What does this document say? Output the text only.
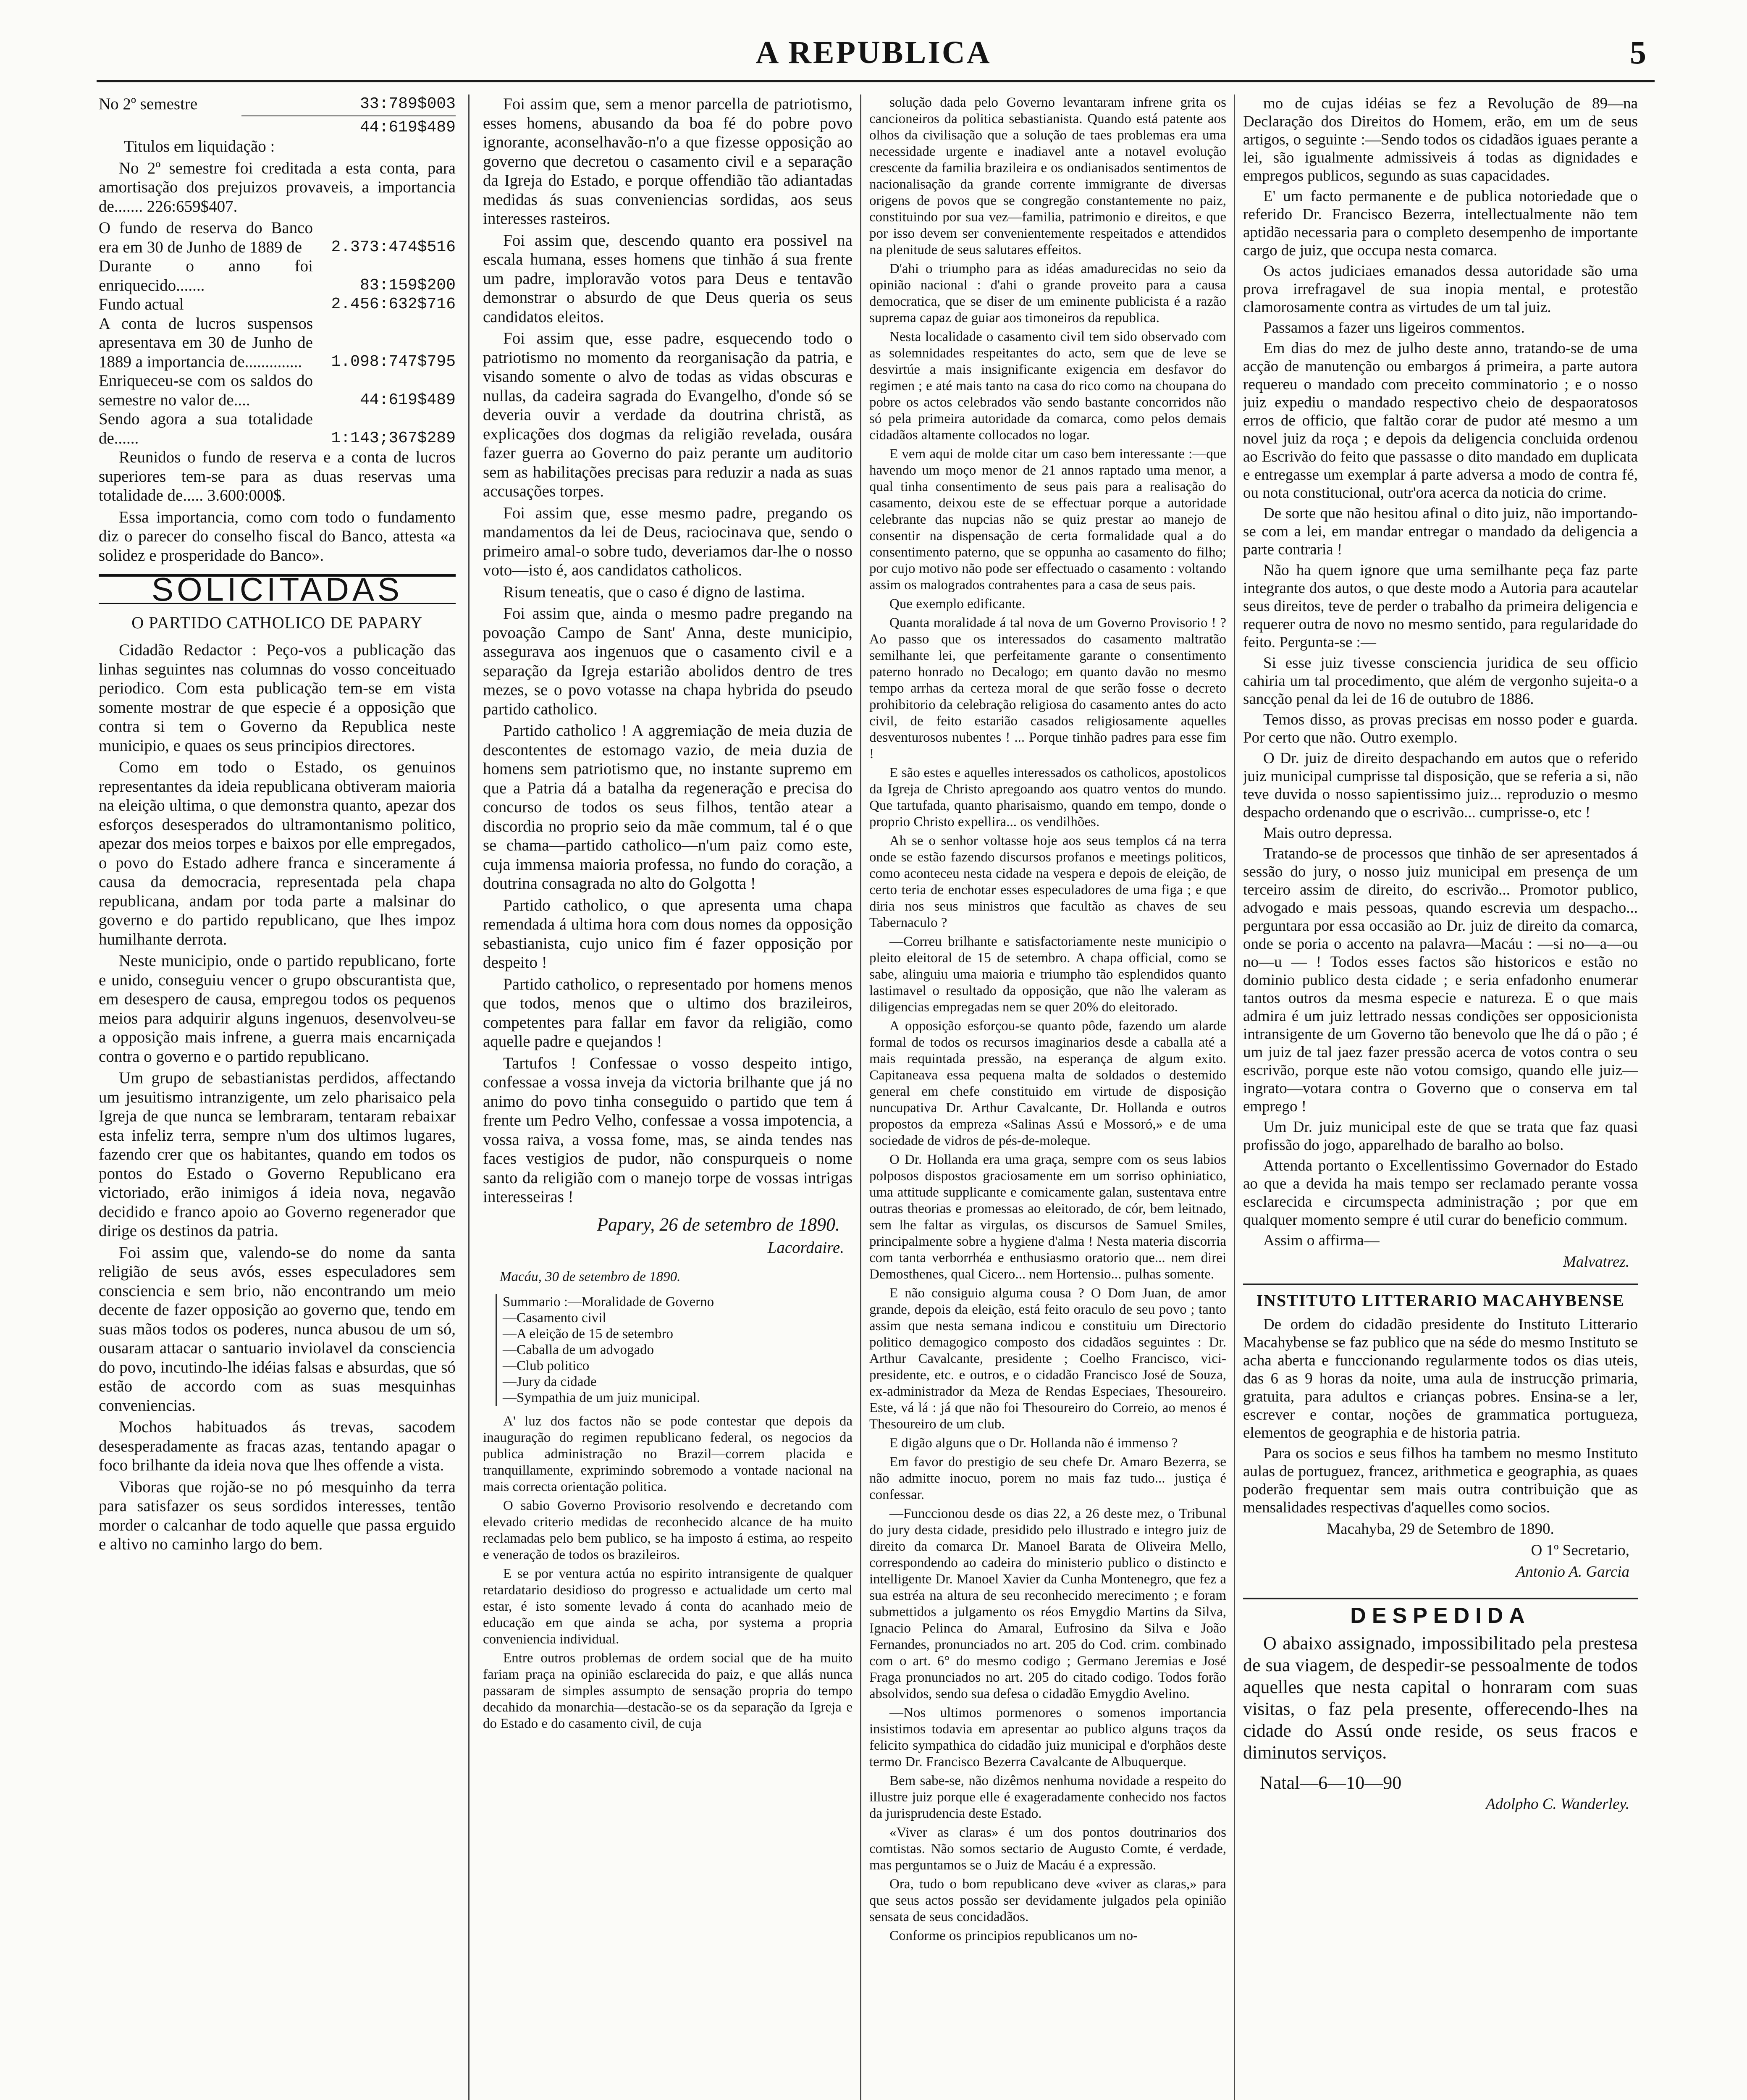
A REPUBLICA	5
No 2º semestre	33:789$003
44:619$489

Titulos em liquidação :

No 2º semestre foi creditada a esta conta, para amortisação dos prejuizos provaveis, a importancia de....... 226:659$407.

O fundo de reserva do Banco era em 30 de Junho de 1889 de	2.373:474$516
Durante o anno foi enriquecido.......	83:159$200
Fundo actual	2.456:632$716
A conta de lucros suspensos apresentava em 30 de Junho de 1889 a importancia de..............	1.098:747$795
Enriqueceu-se com os saldos do semestre no valor de....	44:619$489
Sendo agora a sua totalidade de......	1:143;367$289

Reunidos o fundo de reserva e a conta de lucros superiores tem-se para as duas reservas uma totalidade de..... 3.600:000$.

Essa importancia, como com todo o fundamento diz o parecer do conselho fiscal do Banco, attesta «a solidez e prosperidade do Banco».

SOLICITADAS
O PARTIDO CATHOLICO DE PAPARY

Cidadão Redactor : Peço-vos a publicação das linhas seguintes nas columnas do vosso conceituado periodico. Com esta publicação tem-se em vista somente mostrar de que especie é a opposição que contra si tem o Governo da Republica neste municipio, e quaes os seus principios directores.

Como em todo o Estado, os genuinos representantes da ideia republicana obtiveram maioria na eleição ultima, o que demonstra quanto, apezar dos esforços desesperados do ultramontanismo politico, apezar dos meios torpes e baixos por elle empregados, o povo do Estado adhere franca e sinceramente á causa da democracia, representada pela chapa republicana, andam por toda parte a malsinar do governo e do partido republicano, que lhes impoz humilhante derrota.

Neste municipio, onde o partido republicano, forte e unido, conseguiu vencer o grupo obscurantista que, em desespero de causa, empregou todos os pequenos meios para adquirir alguns ingenuos, desenvolveu-se a opposição mais infrene, a guerra mais encarniçada contra o governo e o partido republicano.

Um grupo de sebastianistas perdidos, affectando um jesuitismo intranzigente, um zelo pharisaico pela Igreja de que nunca se lembraram, tentaram rebaixar esta infeliz terra, sempre n'um dos ultimos lugares, fazendo crer que os habitantes, quando em todos os pontos do Estado o Governo Republicano era victoriado, erão inimigos á ideia nova, negavão decidido e franco apoio ao Governo regenerador que dirige os destinos da patria.

Foi assim que, valendo-se do nome da santa religião de seus avós, esses especuladores sem consciencia e sem brio, não encontrando um meio decente de fazer opposição ao governo que, tendo em suas mãos todos os poderes, nunca abusou de um só, ousaram attacar o santuario inviolavel da consciencia do povo, incutindo-lhe idéias falsas e absurdas, que só estão de accordo com as suas mesquinhas conveniencias.

Mochos habituados ás trevas, sacodem desesperadamente as fracas azas, tentando apagar o foco brilhante da ideia nova que lhes offende a vista.

Viboras que rojão-se no pó mesquinho da terra para satisfazer os seus sordidos interesses, tentão morder o calcanhar de todo aquelle que passa erguido e altivo no caminho largo do bem.

Foi assim que, sem a menor parcella de patriotismo, esses homens, abusando da boa fé do pobre povo ignorante, aconselhavão-n'o a que fizesse opposição ao governo que decretou o casamento civil e a separação da Igreja do Estado, e porque offendião tão adiantadas medidas ás suas conveniencias sordidas, aos seus interesses rasteiros.

Foi assim que, descendo quanto era possivel na escala humana, esses homens que tinhão á sua frente um padre, imploravão votos para Deus e tentavão demonstrar o absurdo de que Deus queria os seus candidatos eleitos.

Foi assim que, esse padre, esquecendo todo o patriotismo no momento da reorganisação da patria, e visando somente o alvo de todas as vidas obscuras e nullas, da cadeira sagrada do Evangelho, d'onde só se deveria ouvir a verdade da doutrina christã, as explicações dos dogmas da religião revelada, ousára fazer guerra ao Governo do paiz perante um auditorio sem as habilitações precisas para reduzir a nada as suas accusações torpes.

Foi assim que, esse mesmo padre, pregando os mandamentos da lei de Deus, raciocinava que, sendo o primeiro amal-o sobre tudo, deveriamos dar-lhe o nosso voto—isto é, aos candidatos catholicos.

Risum teneatis, que o caso é digno de lastima.

Foi assim que, ainda o mesmo padre pregando na povoação Campo de Sant' Anna, deste municipio, assegurava aos ingenuos que o casamento civil e a separação da Igreja estarião abolidos dentro de tres mezes, se o povo votasse na chapa hybrida do pseudo partido catholico.

Partido catholico ! A aggremiação de meia duzia de descontentes de estomago vazio, de meia duzia de homens sem patriotismo que, no instante supremo em que a Patria dá a batalha da regeneração e precisa do concurso de todos os seus filhos, tentão atear a discordia no proprio seio da mãe commum, tal é o que se chama—partido catholico—n'um paiz como este, cuja immensa maioria professa, no fundo do coração, a doutrina consagrada no alto do Golgotta !

Partido catholico, o que apresenta uma chapa remendada á ultima hora com dous nomes da opposição sebastianista, cujo unico fim é fazer opposição por despeito !

Partido catholico, o representado por homens menos que todos, menos que o ultimo dos brazileiros, competentes para fallar em favor da religião, como aquelle padre e quejandos !

Tartufos ! Confessae o vosso despeito intigo, confessae a vossa inveja da victoria brilhante que já no animo do povo tinha conseguido o partido que tem á frente um Pedro Velho, confessae a vossa impotencia, a vossa raiva, a vossa fome, mas, se ainda tendes nas faces vestigios de pudor, não conspurqueis o nome santo da religião com o manejo torpe de vossas intrigas interesseiras !

Papary, 26 de setembro de 1890.
Lacordaire.
Macáu, 30 de setembro de 1890.
Summario :—Moralidade de Governo
—Casamento civil
—A eleição de 15 de setembro
—Caballa de um advogado
—Club politico
—Jury da cidade
—Sympathia de um juiz municipal.

A' luz dos factos não se pode contestar que depois da inauguração do regimen republicano federal, os negocios da publica administração no Brazil—correm placida e tranquillamente, exprimindo sobremodo a vontade nacional na mais correcta orientação politica.

O sabio Governo Provisorio resolvendo e decretando com elevado criterio medidas de reconhecido alcance de ha muito reclamadas pelo bem publico, se ha imposto á estima, ao respeito e veneração de todos os brazileiros.

E se por ventura actúa no espirito intransigente de qualquer retardatario desidioso do progresso e actualidade um certo mal estar, é isto somente levado á conta do acanhado meio de educação em que ainda se acha, por systema a propria conveniencia individual.

Entre outros problemas de ordem social que de ha muito fariam praça na opinião esclarecida do paiz, e que allás nunca passaram de simples assumpto de sensação propria do tempo decahido da monarchia—destacão-se os da separação da Igreja e do Estado e do casamento civil, de cuja

solução dada pelo Governo levantaram infrene grita os cancioneiros da politica sebastianista. Quando está patente aos olhos da civilisação que a solução de taes problemas era uma necessidade urgente e inadiavel ante a notavel evolução crescente da familia brazileira e os ondianisados sentimentos de nacionalisação da grande corrente immigrante de diversas origens de povos que se congregão constantemente no paiz, constituindo por sua vez—familia, patrimonio e direitos, e que por isso devem ser convenientemente respeitados e attendidos na plenitude de seus salutares effeitos.

D'ahi o triumpho para as idéas amadurecidas no seio da opinião nacional : d'ahi o grande proveito para a causa democratica, que se diser de um eminente publicista é a razão suprema capaz de guiar aos timoneiros da republica.

Nesta localidade o casamento civil tem sido observado com as solemnidades respeitantes do acto, sem que de leve se desvirtúe a mais insignificante exigencia em desfavor do regimen ; e até mais tanto na casa do rico como na choupana do pobre os actos celebrados vão sendo bastante concorridos não só pela primeira autoridade da comarca, como pelos demais cidadãos altamente collocados no logar.

E vem aqui de molde citar um caso bem interessante :—que havendo um moço menor de 21 annos raptado uma menor, a qual tinha consentimento de seus pais para a realisação do casamento, deixou este de se effectuar porque a autoridade celebrante das nupcias não se quiz prestar ao manejo de consentir na dispensação de certa formalidade qual a do consentimento paterno, que se oppunha ao casamento do filho; por cujo motivo não pode ser effectuado o casamento : voltando assim os malogrados contrahentes para a casa de seus pais.

Que exemplo edificante.

Quanta moralidade á tal nova de um Governo Provisorio ! ? Ao passo que os interessados do casamento maltratão semilhante lei, que perfeitamente garante o consentimento paterno honrado no Decalogo; em quanto davão no mesmo tempo arrhas da certeza moral de que serão fosse o decreto prohibitorio da celebração religiosa do casamento antes do acto civil, de feito estarião casados religiosamente aquelles desventurosos nubentes ! ... Porque tinhão padres para esse fim !

E são estes e aquelles interessados os catholicos, apostolicos da Igreja de Christo apregoando aos quatro ventos do mundo. Que tartufada, quanto pharisaismo, quando em tempo, donde o proprio Christo expellira... os vendilhões.

Ah se o senhor voltasse hoje aos seus templos cá na terra onde se estão fazendo discursos profanos e meetings politicos, como aconteceu nesta cidade na vespera e depois de eleição, de certo teria de enchotar esses especuladores de uma figa ; e que diria nos seus ministros que facultão as chaves de seu Tabernaculo ?

—Correu brilhante e satisfactoriamente neste municipio o pleito eleitoral de 15 de setembro. A chapa official, como se sabe, alinguiu uma maioria e triumpho tão esplendidos quanto lastimavel o resultado da opposição, que não lhe valeram as diligencias empregadas nem se quer 20% do eleitorado.

A opposição esforçou-se quanto pôde, fazendo um alarde formal de todos os recursos imaginarios desde a caballa até a mais requintada pressão, na esperança de algum exito. Capitaneava essa pequena malta de soldados o destemido general em chefe constituido em virtude de disposição nuncupativa Dr. Arthur Cavalcante, Dr. Hollanda e outros propostos da empreza «Salinas Assú e Mossoró,» e de uma sociedade de vidros de pés-de-moleque.

O Dr. Hollanda era uma graça, sempre com os seus labios polposos dispostos graciosamente em um sorriso ophiniatico, uma attitude supplicante e comicamente galan, sustentava entre outras theorias e promessas ao eleitorado, de cór, bem leitnado, sem lhe faltar as virgulas, os discursos de Samuel Smiles, principalmente sobre a hygiene d'alma ! Nesta materia discorria com tanta verborrhéa e enthusiasmo oratorio que... nem direi Demosthenes, qual Cicero... nem Hortensio... pulhas somente.

E não consiguio alguma cousa ? O Dom Juan, de amor grande, depois da eleição, está feito oraculo de seu povo ; tanto assim que nesta semana indicou e constituiu um Directorio politico demagogico composto dos cidadãos seguintes : Dr. Arthur Cavalcante, presidente ; Coelho Francisco, vici-presidente, etc. e outros, e o cidadão Francisco José de Souza, ex-administrador da Meza de Rendas Especiaes, Thesoureiro. Este, vá lá : já que não foi Thesoureiro do Correio, ao menos é Thesoureiro de um club.

E digão alguns que o Dr. Hollanda não é immenso ?

Em favor do prestigio de seu chefe Dr. Amaro Bezerra, se não admitte inocuo, porem no mais faz tudo... justiça é confessar.

—Funccionou desde os dias 22, a 26 deste mez, o Tribunal do jury desta cidade, presidido pelo illustrado e integro juiz de direito da comarca Dr. Manoel Barata de Oliveira Mello, correspondendo ao cadeira do ministerio publico o distincto e intelligente Dr. Manoel Xavier da Cunha Montenegro, que fez a sua estréa na altura de seu reconhecido merecimento ; e foram submettidos a julgamento os réos Emygdio Martins da Silva, Ignacio Pelinca do Amaral, Eufrosino da Silva e João Fernandes, pronunciados no art. 205 do Cod. crim. combinado com o art. 6° do mesmo codigo ; Germano Jeremias e José Fraga pronunciados no art. 205 do citado codigo. Todos forão absolvidos, sendo sua defesa o cidadão Emygdio Avelino.

—Nos ultimos pormenores o somenos importancia insistimos todavia em apresentar ao publico alguns traços da felicito sympathica do cidadão juiz municipal e d'orphãos deste termo Dr. Francisco Bezerra Cavalcante de Albuquerque.

Bem sabe-se, não dizêmos nenhuma novidade a respeito do illustre juiz porque elle é exageradamente conhecido nos factos da jurisprudencia deste Estado.

«Viver as claras» é um dos pontos doutrinarios dos comtistas. Não somos sectario de Augusto Comte, é verdade, mas perguntamos se o Juiz de Macáu é a expressão.

Ora, tudo o bom republicano deve «viver as claras,» para que seus actos possão ser devidamente julgados pela opinião sensata de seus concidadãos.

Conforme os principios republicanos um no-

mo de cujas idéias se fez a Revolução de 89—na Declaração dos Direitos do Homem, erão, em um de seus artigos, o seguinte :—Sendo todos os cidadãos iguaes perante a lei, são igualmente admissiveis á todas as dignidades e empregos publicos, segundo as suas capacidades.

E' um facto permanente e de publica notoriedade que o referido Dr. Francisco Bezerra, intellectualmente não tem aptidão necessaria para o completo desempenho de importante cargo de juiz, que occupa nesta comarca.

Os actos judiciaes emanados dessa autoridade são uma prova irrefragavel de sua inopia mental, e protestão clamorosamente contra as virtudes de um tal juiz.

Passamos a fazer uns ligeiros commentos.

Em dias do mez de julho deste anno, tratando-se de uma acção de manutenção ou embargos á primeira, a parte autora requereu o mandado com preceito comminatorio ; e o nosso juiz expediu o mandado respectivo cheio de despaoratosos erros de officio, que faltão corar de pudor até mesmo a um novel juiz da roça ; e depois da deligencia concluida ordenou ao Escrivão do feito que passasse o dito mandado em duplicata e entregasse um exemplar á parte adversa a modo de contra fé, ou nota constitucional, outr'ora acerca da noticia do crime.

De sorte que não hesitou afinal o dito juiz, não importando-se com a lei, em mandar entregar o mandado da deligencia a parte contraria !

Não ha quem ignore que uma semilhante peça faz parte integrante dos autos, o que deste modo a Autoria para acautelar seus direitos, teve de perder o trabalho da primeira deligencia e requerer outra de novo no mesmo sentido, para regularidade do feito. Pergunta-se :—

Si esse juiz tivesse consciencia juridica de seu officio cahiria um tal procedimento, que além de vergonho sujeita-o a sancção penal da lei de 16 de outubro de 1886.

Temos disso, as provas precisas em nosso poder e guarda. Por certo que não. Outro exemplo.

O Dr. juiz de direito despachando em autos que o referido juiz municipal cumprisse tal disposição, que se referia a si, não teve duvida o nosso sapientissimo juiz... reproduzio o mesmo despacho ordenando que o escrivão... cumprisse-o, etc !

Mais outro depressa.

Tratando-se de processos que tinhão de ser apresentados á sessão do jury, o nosso juiz municipal em presença de um terceiro assim de direito, do escrivão... Promotor publico, advogado e mais pessoas, quando escrevia um despacho... perguntara por essa occasião ao Dr. juiz de direito da comarca, onde se poria o accento na palavra—Macáu : —si no—a—ou no—u — ! Todos esses factos são historicos e estão no dominio publico desta cidade ; e seria enfadonho enumerar tantos outros da mesma especie e natureza. E o que mais admira é um juiz lettrado nessas condições ser opposicionista intransigente de um Governo tão benevolo que lhe dá o pão ; é um juiz de tal jaez fazer pressão acerca de votos contra o seu escrivão, porque este não votou comsigo, quando elle juiz—ingrato—votara contra o Governo que o conserva em tal emprego !

Um Dr. juiz municipal este de que se trata que faz quasi profissão do jogo, apparelhado de baralho ao bolso.

Attenda portanto o Excellentissimo Governador do Estado ao que a devida ha mais tempo ser reclamado perante vossa esclarecida e circumspecta administração ; por que em qualquer momento sempre é util curar do beneficio commum.

Assim o affirma—

Malvatrez.
INSTITUTO LITTERARIO MACAHYBENSE

De ordem do cidadão presidente do Instituto Litterario Macahybense se faz publico que na séde do mesmo Instituto se acha aberta e funccionando regularmente todos os dias uteis, das 6 as 9 horas da noite, uma aula de instrucção primaria, gratuita, para adultos e crianças pobres. Ensina-se a ler, escrever e contar, noções de grammatica portugueza, elementos de geographia e de historia patria.

Para os socios e seus filhos ha tambem no mesmo Instituto aulas de portuguez, francez, arithmetica e geographia, as quaes poderão frequentar sem mais outra contribuição que as mensalidades respectivas d'aquelles como socios.

Macahyba, 29 de Setembro de 1890.
O 1º Secretario,
Antonio A. Garcia
DESPEDIDA

O abaixo assignado, impossibilitado pela prestesa de sua viagem, de despedir-se pessoalmente de todos aquelles que nesta capital o honraram com suas visitas, o faz pela presente, offerecendo-lhes na cidade do Assú onde reside, os seus fracos e diminutos serviços.

Natal—6—10—90
Adolpho C. Wanderley.
